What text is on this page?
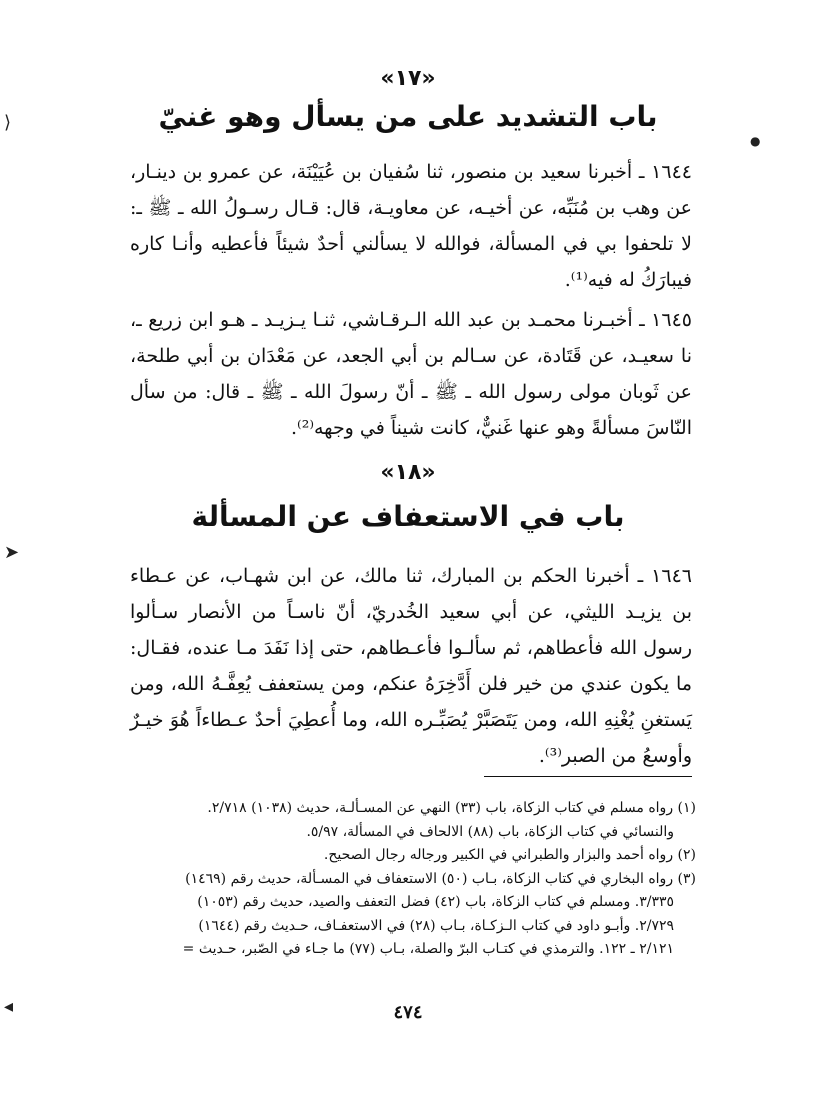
«١٧»
باب التشديد على من يسأل وهو غنيّ

١٦٤٤ ـ أخبرنا سعيد بن منصور، ثنا سُفيان بن عُيَيْنَة، عن عمرو بن دينـار، عن وهب بن مُنَبِّه، عن أخيـه، عن معاويـة، قال: قـال رسـولُ الله ـ ﷺ ـ: لا تلحفوا بي في المسألة، فوالله لا يسألني أحدٌ شيئاً فأعطيه وأنـا كاره فيبارَكُ له فيه⁽¹⁾.

١٦٤٥ ـ أخبـرنا محمـد بن عبد الله الـرقـاشي، ثنـا يـزيـد ـ هـو ابن زريع ـ، نا سعيـد، عن قَتَادة، عن سـالم بن أبي الجعد، عن مَعْدَان بن أبي طلحة، عن ثَوبان مولى رسول الله ـ ﷺ ـ أنّ رسولَ الله ـ ﷺ ـ قال: من سأل النّاسَ مسألةً وهو عنها غَنيٌّ، كانت شيناً في وجهه⁽²⁾.

«١٨»
باب في الاستعفاف عن المسألة

١٦٤٦ ـ أخبرنا الحكم بن المبارك، ثنا مالك، عن ابن شهـاب، عن عـطاء بن يزيـد الليثي، عن أبي سعيد الخُدريّ، أنّ ناسـاً من الأنصار سـألوا رسول الله فأعطاهم، ثم سألـوا فأعـطاهم، حتى إذا نَفَدَ مـا عنده، فقـال: ما يكون عندي من خير فلن أَدَّخِرَهُ عنكم، ومن يستعفف يُعِفَّـهُ الله، ومن يَستغنِ يُغْنِهِ الله، ومن يَتَصَبَّرْ يُصَبِّـره الله، وما أُعطِيَ أحدٌ عـطاءاً هُوَ خيـرٌ وأوسعُ من الصبر⁽³⁾.

(١) رواه مسلم في كتاب الزكاة، باب (٣٣) النهي عن المسـألـة، حديث (١٠٣٨) ٢/٧١٨.

والنسائي في كتاب الزكاة، باب (٨٨) الالحاف في المسألة، ٥/٩٧.

(٢) رواه أحمد والبزار والطبراني في الكبير ورجاله رجال الصحيح.

(٣) رواه البخاري في كتاب الزكاة، بـاب (٥٠) الاستعفاف في المسـألة، حديث رقم (١٤٦٩)

٣/٣٣٥. ومسلم في كتاب الزكاة، باب (٤٢) فضل التعفف والصيد، حديث رقم (١٠٥٣)

٢/٧٢٩. وأبـو داود في كتاب الـزكـاة، بـاب (٢٨) في الاستعفـاف، حـديث رقم (١٦٤٤)

٢/١٢١ ـ ١٢٢. والترمذي في كتـاب البرّ والصلة، بـاب (٧٧) ما جـاء في الصّبر، حـديث =

٤٧٤
⟩
➤
◂
●
